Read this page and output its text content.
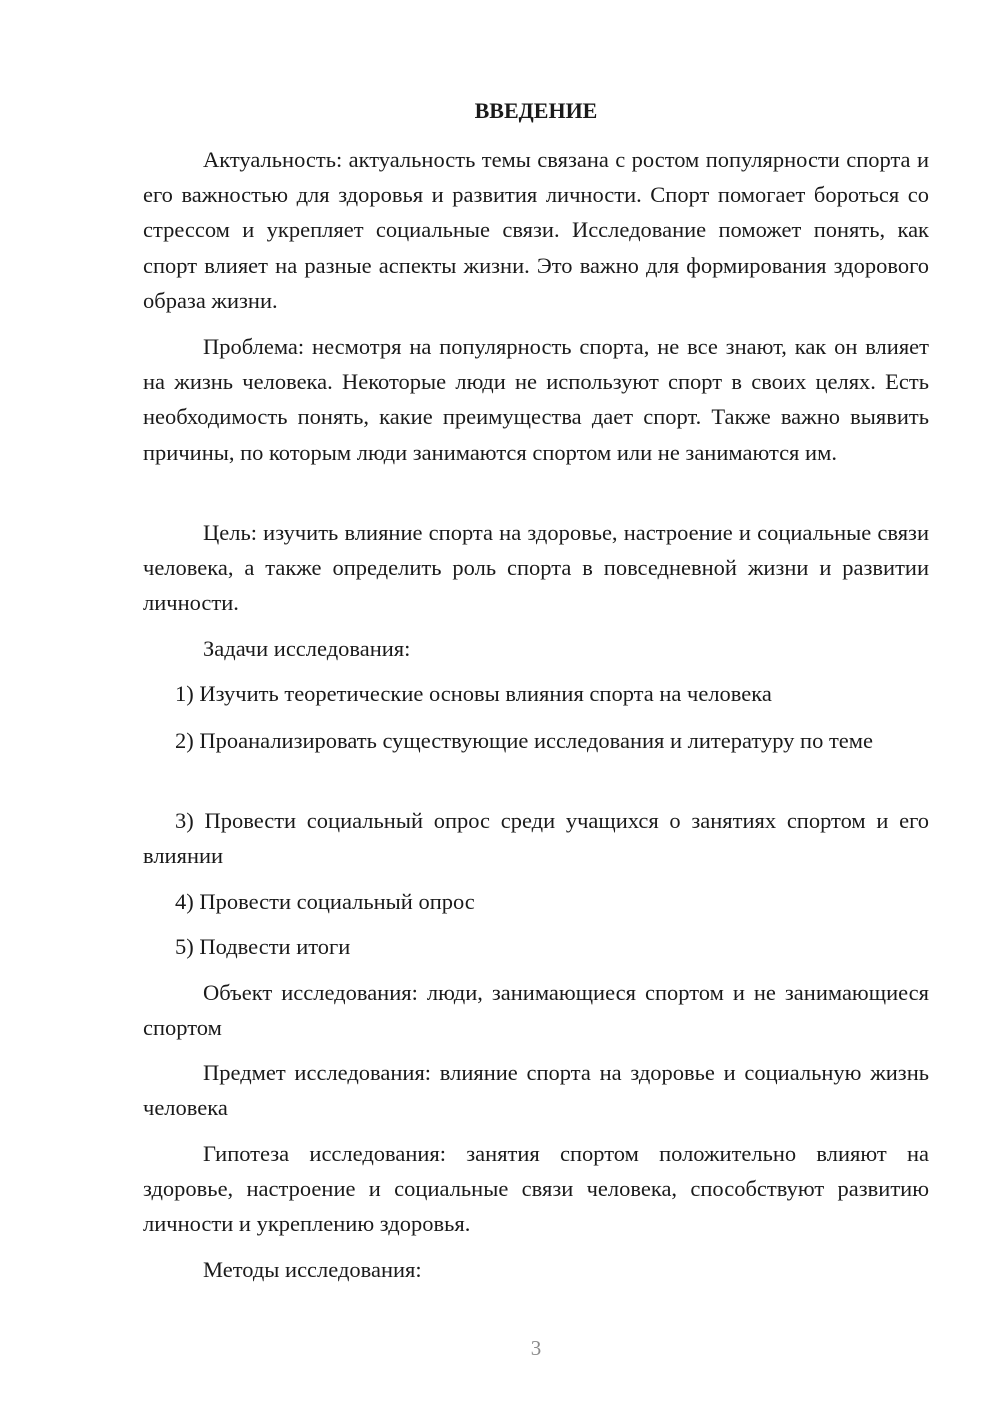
ВВЕДЕНИЕ

Актуальность: актуальность темы связана с ростом популярности спорта и его важностью для здоровья и развития личности. Спорт помогает бороться со стрессом и укрепляет социальные связи. Исследование поможет понять, как спорт влияет на разные аспекты жизни. Это важно для формирования здорового образа жизни.

Проблема: несмотря на популярность спорта, не все знают, как он влияет на жизнь человека. Некоторые люди не используют спорт в своих целях. Есть необходимость понять, какие преимущества дает спорт. Также важно выявить причины, по которым люди занимаются спортом или не занимаются им.

Цель: изучить влияние спорта на здоровье, настроение и социальные связи человека, а также определить роль спорта в повседневной жизни и развитии личности.

Задачи исследования:

1) Изучить теоретические основы влияния спорта на человека

2) Проанализировать существующие исследования и литературу по теме

3) Провести социальный опрос среди учащихся о занятиях спортом и его влиянии

4) Провести социальный опрос

5) Подвести итоги

Объект исследования: люди, занимающиеся спортом и не занимающиеся спортом

Предмет исследования: влияние спорта на здоровье и социальную жизнь человека

Гипотеза исследования: занятия спортом положительно влияют на здоровье, настроение и социальные связи человека, способствуют развитию личности и укреплению здоровья.

Методы исследования:

3
